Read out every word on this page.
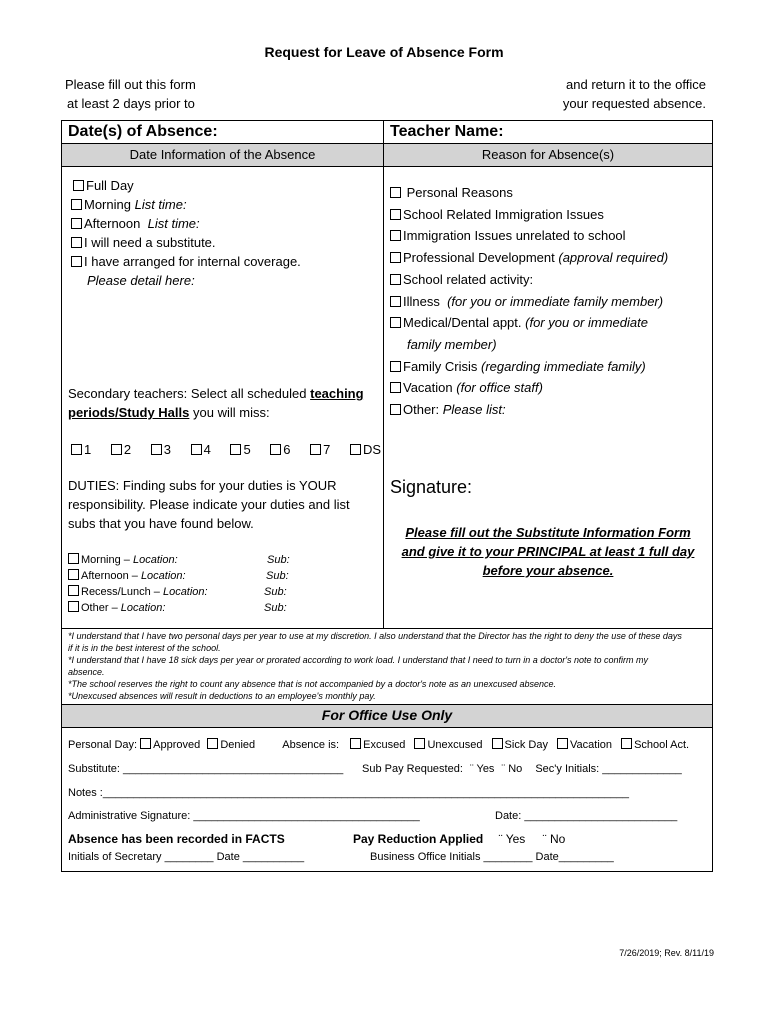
Request for Leave of Absence Form
Please fill out this form
at least 2 days prior to
and return it to the office
your requested absence.
Date(s) of Absence:	Teacher Name:
Date Information of the Absence	Reason for Absence(s)
Full Day
Morning List time:
Afternoon List time:
I will need a substitute.
I have arranged for internal coverage.
Please detail here:
Secondary teachers: Select all scheduled teaching periods/Study Halls you will miss:
1	2	3	4	5	6	7	DS
DUTIES: Finding subs for your duties is YOUR
responsibility. Please indicate your duties and list
subs that you have found below.
Morning – Location:	Sub:
Afternoon – Location:	Sub:
Recess/Lunch – Location:	Sub:
Other – Location:	Sub:
Personal Reasons
School Related Immigration Issues
Immigration Issues unrelated to school
Professional Development (approval required)
School related activity:
Illness (for you or immediate family member)
Medical/Dental appt. (for you or immediate
family member)
Family Crisis (regarding immediate family)
Vacation (for office staff)
Other: Please list:
Signature:
Please fill out the Substitute Information Form
and give it to your PRINCIPAL at least 1 full day
before your absence.
*I understand that I have two personal days per year to use at my discretion. I also understand that the Director has the right to deny the use of these days
if it is in the best interest of the school.
*I understand that I have 18 sick days per year or prorated according to work load. I understand that I need to turn in a doctor's note to confirm my
absence.
*The school reserves the right to count any absence that is not accompanied by a doctor's note as an unexcused absence.
*Unexcused absences will result in deductions to an employee's monthly pay.
For Office Use Only
Personal Day: Approved Denied Absence is: Excused Unexcused Sick Day Vacation School Act.
Substitute: ____________________________________ Sub Pay Requested: ¨ Yes ¨ No Sec'y Initials: _____________
Notes :______________________________________________________________________________________
Administrative Signature: _____________________________________	Date: _________________________
Absence has been recorded in FACTS	Pay Reduction Applied ¨ Yes ¨ No
Initials of Secretary ________ Date __________	Business Office Initials ________ Date_________
7/26/2019; Rev. 8/11/19
